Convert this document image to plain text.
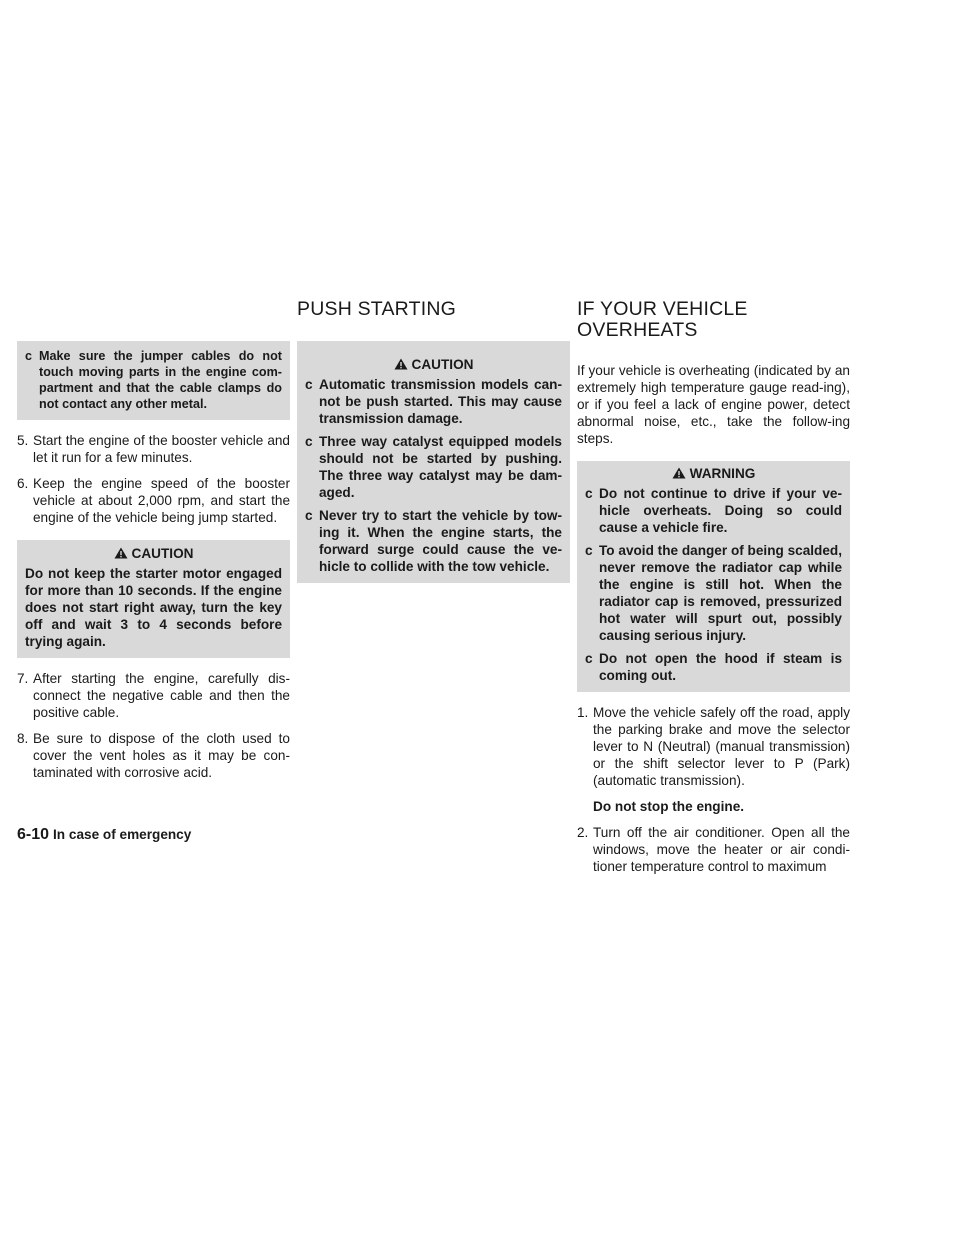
PUSH STARTING	IF YOUR VEHICLE OVERHEATS
c Make sure the jumper cables do not touch moving parts in the engine com-partment and that the cable clamps do not contact any other metal.
5. Start the engine of the booster vehicle and let it run for a few minutes.
6. Keep the engine speed of the booster vehicle at about 2,000 rpm, and start the engine of the vehicle being jump started.
CAUTION

Do not keep the starter motor engaged for more than 10 seconds. If the engine does not start right away, turn the key off and wait 3 to 4 seconds before trying again.

7. After starting the engine, carefully dis-connect the negative cable and then the positive cable.
8. Be sure to dispose of the cloth used to cover the vent holes as it may be con-taminated with corrosive acid.
CAUTION
c Automatic transmission models can-not be push started. This may cause transmission damage.
c Three way catalyst equipped models should not be started by pushing. The three way catalyst may be dam-aged.
c Never try to start the vehicle by tow-ing it. When the engine starts, the forward surge could cause the ve-hicle to collide with the tow vehicle.

If your vehicle is overheating (indicated by an extremely high temperature gauge read-ing), or if you feel a lack of engine power, detect abnormal noise, etc., take the follow-ing steps.

WARNING
c Do not continue to drive if your ve-hicle overheats. Doing so could cause a vehicle fire.
c To avoid the danger of being scalded, never remove the radiator cap while the engine is still hot. When the radiator cap is removed, pressurized hot water will spurt out, possibly causing serious injury.
c Do not open the hood if steam is coming out.
1. Move the vehicle safely off the road, apply the parking brake and move the selector lever to N (Neutral) (manual transmission) or the shift selector lever to P (Park) (automatic transmission).
Do not stop the engine.
2. Turn off the air conditioner. Open all the windows, move the heater or air condi-tioner temperature control to maximum
6-10 In case of emergency
